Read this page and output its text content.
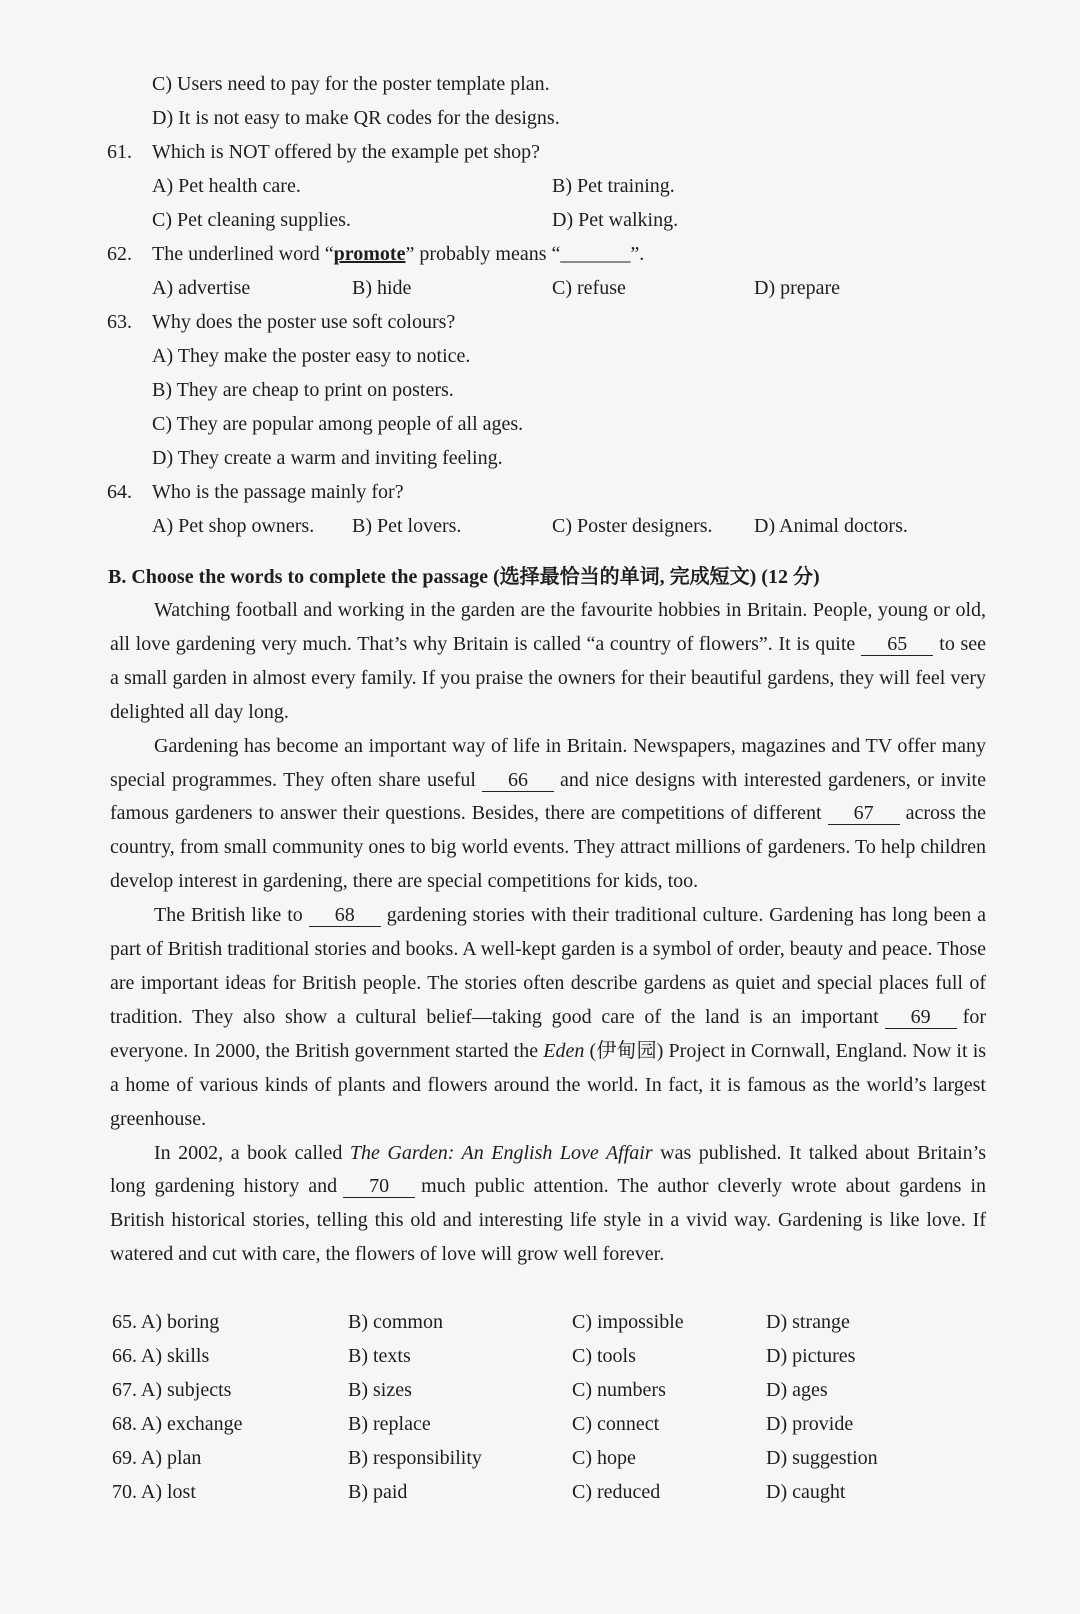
C) Users need to pay for the poster template plan.
D) It is not easy to make QR codes for the designs.
61. Which is NOT offered by the example pet shop?
A) Pet health care.	B) Pet training.
C) Pet cleaning supplies.	D) Pet walking.
62. The underlined word “promote” probably means “_______”.
A) advertise	B) hide	C) refuse	D) prepare
63. Why does the poster use soft colours?
A) They make the poster easy to notice.
B) They are cheap to print on posters.
C) They are popular among people of all ages.
D) They create a warm and inviting feeling.
64. Who is the passage mainly for?
A) Pet shop owners. B) Pet lovers.	C) Poster designers. D) Animal doctors.
B. Choose the words to complete the passage (选择最恰当的单词, 完成短文) (12 分)

Watching football and working in the garden are the favourite hobbies in Britain. People, young or old, all love gardening very much. That’s why Britain is called “a country of flowers”. It is quite 65 to see a small garden in almost every family. If you praise the owners for their beautiful gardens, they will feel very delighted all day long.

Gardening has become an important way of life in Britain. Newspapers, magazines and TV offer many special programmes. They often share useful 66 and nice designs with interested gardeners, or invite famous gardeners to answer their questions. Besides, there are competitions of different 67 across the country, from small community ones to big world events. They attract millions of gardeners. To help children develop interest in gardening, there are special competitions for kids, too.

The British like to 68 gardening stories with their traditional culture. Gardening has long been a part of British traditional stories and books. A well-kept garden is a symbol of order, beauty and peace. Those are important ideas for British people. The stories often describe gardens as quiet and special places full of tradition. They also show a cultural belief—taking good care of the land is an important 69 for everyone. In 2000, the British government started the Eden (伊甸园) Project in Cornwall, England. Now it is a home of various kinds of plants and flowers around the world. In fact, it is famous as the world’s largest greenhouse.

In 2002, a book called The Garden: An English Love Affair was published. It talked about Britain’s long gardening history and 70 much public attention. The author cleverly wrote about gardens in British historical stories, telling this old and interesting life style in a vivid way. Gardening is like love. If watered and cut with care, the flowers of love will grow well forever.

65. A) boring	B) common	C) impossible	D) strange
66. A) skills	B) texts	C) tools	D) pictures
67. A) subjects	B) sizes	C) numbers	D) ages
68. A) exchange	B) replace	C) connect	D) provide
69. A) plan	B) responsibility	C) hope	D) suggestion
70. A) lost	B) paid	C) reduced	D) caught
